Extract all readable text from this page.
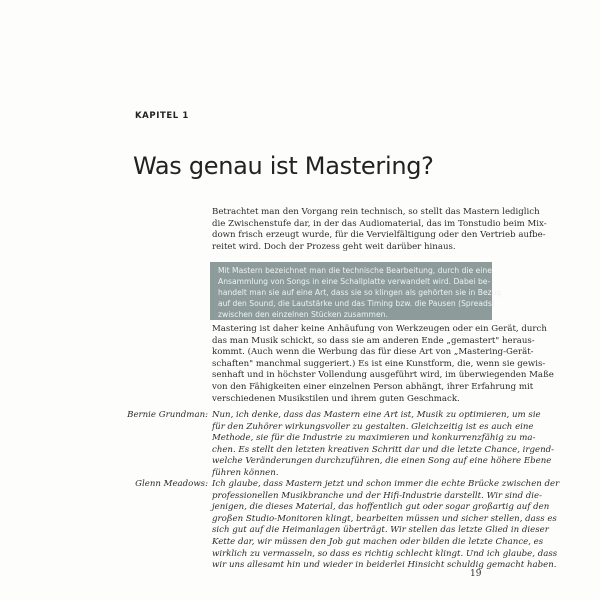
KAPITEL 1
Was genau ist Mastering?
Betrachtet man den Vorgang rein technisch, so stellt das Mastern lediglich
die Zwischenstufe dar, in der das Audiomaterial, das im Tonstudio beim Mix-
down frisch erzeugt wurde, für die Vervielfältigung oder den Vertrieb aufbe-
reitet wird. Doch der Prozess geht weit darüber hinaus.
Mit Mastern bezeichnet man die technische Bearbeitung, durch die eine
Ansammlung von Songs in eine Schallplatte verwandelt wird. Dabei be-
handelt man sie auf eine Art, dass sie so klingen als gehörten sie in Bezug
auf den Sound, die Lautstärke und das Timing bzw. die Pausen (Spreads)
zwischen den einzelnen Stücken zusammen.
Mastering ist daher keine Anhäufung von Werkzeugen oder ein Gerät, durch
das man Musik schickt, so dass sie am anderen Ende „gemastert" heraus-
kommt. (Auch wenn die Werbung das für diese Art von „Mastering-Gerät-
schaften" manchmal suggeriert.) Es ist eine Kunstform, die, wenn sie gewis-
senhaft und in höchster Vollendung ausgeführt wird, im überwiegenden Maße
von den Fähigkeiten einer einzelnen Person abhängt, ihrer Erfahrung mit
verschiedenen Musikstilen und ihrem guten Geschmack.
Bernie Grundman: Nun, ich denke, dass das Mastern eine Art ist, Musik zu optimieren, um sie
für den Zuhörer wirkungsvoller zu gestalten. Gleichzeitig ist es auch eine
Methode, sie für die Industrie zu maximieren und konkurrenzfähig zu ma-
chen. Es stellt den letzten kreativen Schritt dar und die letzte Chance, irgend-
welche Veränderungen durchzuführen, die einen Song auf eine höhere Ebene
führen können.
Glenn Meadows: Ich glaube, dass Mastern jetzt und schon immer die echte Brücke zwischen der
professionellen Musikbranche und der Hifi-Industrie darstellt. Wir sind die-
jenigen, die dieses Material, das hoffentlich gut oder sogar großartig auf den
großen Studio-Monitoren klingt, bearbeiten müssen und sicher stellen, dass es
sich gut auf die Heimanlagen überträgt. Wir stellen das letzte Glied in dieser
Kette dar, wir müssen den Job gut machen oder bilden die letzte Chance, es
wirklich zu vermasseln, so dass es richtig schlecht klingt. Und ich glaube, dass
wir uns allesamt hin und wieder in beiderlei Hinsicht schuldig gemacht haben.
19
